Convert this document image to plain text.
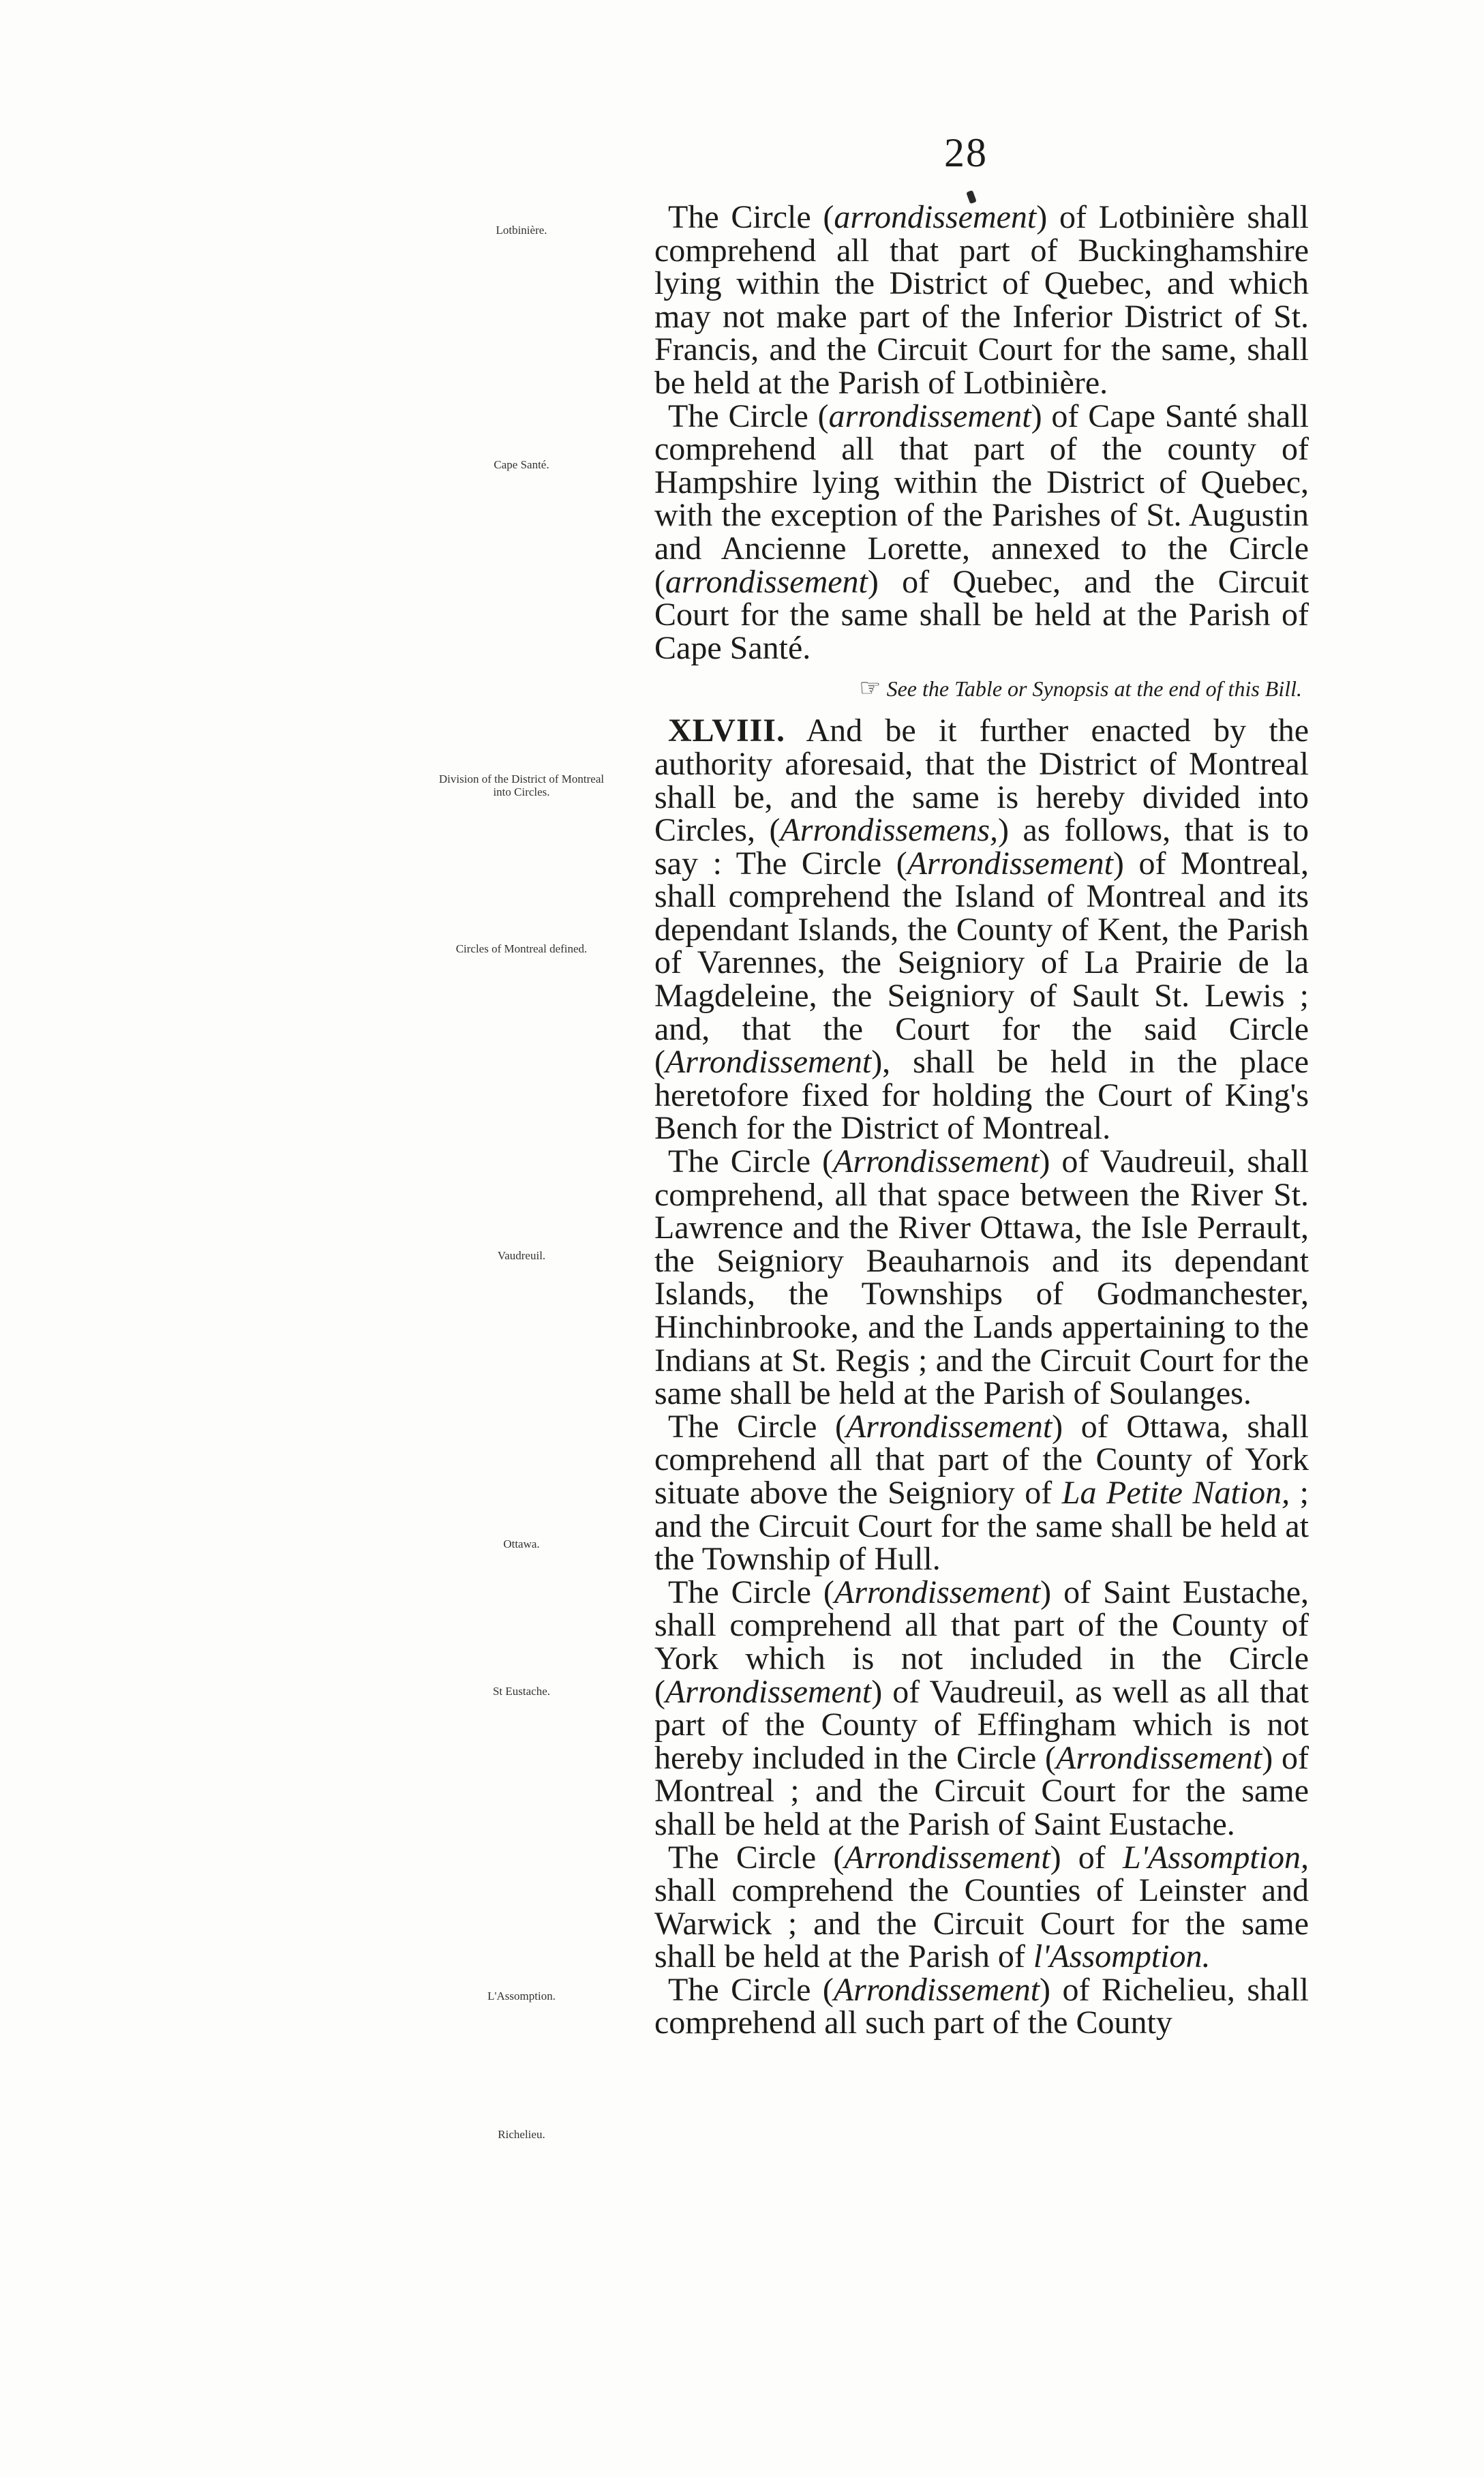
28
Lotbinière.
Cape Santé.
Division of the District of Montreal into Circles.
Circles of Montreal defined.
Vaudreuil.
Ottawa.
St Eustache.
L'Assomption.
Richelieu.

The Circle (arrondissement) of Lotbinière shall comprehend all that part of Buckinghamshire lying within the District of Quebec, and which may not make part of the Inferior District of St. Francis, and the Circuit Court for the same, shall be held at the Parish of Lotbinière.

The Circle (arrondissement) of Cape Santé shall comprehend all that part of the county of Hampshire lying within the District of Quebec, with the exception of the Parishes of St. Augustin and Ancienne Lorette, annexed to the Circle (arrondissement) of Quebec, and the Circuit Court for the same shall be held at the Parish of Cape Santé.

☞ See the Table or Synopsis at the end of this Bill.

XLVIII. And be it further enacted by the authority aforesaid, that the District of Montreal shall be, and the same is hereby divided into Circles, (Arrondissemens,) as follows, that is to say : The Circle (Arrondissement) of Montreal, shall comprehend the Island of Montreal and its dependant Islands, the County of Kent, the Parish of Varennes, the Seigniory of La Prairie de la Magdeleine, the Seigniory of Sault St. Lewis ; and, that the Court for the said Circle (Arrondissement), shall be held in the place heretofore fixed for holding the Court of King's Bench for the District of Montreal.

The Circle (Arrondissement) of Vaudreuil, shall comprehend, all that space between the River St. Lawrence and the River Ottawa, the Isle Perrault, the Seigniory Beauharnois and its dependant Islands, the Townships of Godmanchester, Hinchinbrooke, and the Lands appertaining to the Indians at St. Regis ; and the Circuit Court for the same shall be held at the Parish of Soulanges.

The Circle (Arrondissement) of Ottawa, shall comprehend all that part of the County of York situate above the Seigniory of La Petite Nation, ; and the Circuit Court for the same shall be held at the Township of Hull.

The Circle (Arrondissement) of Saint Eustache, shall comprehend all that part of the County of York which is not included in the Circle (Arrondissement) of Vaudreuil, as well as all that part of the County of Effingham which is not hereby included in the Circle (Arrondissement) of Montreal ; and the Circuit Court for the same shall be held at the Parish of Saint Eustache.

The Circle (Arrondissement) of L'Assomption, shall comprehend the Counties of Leinster and Warwick ; and the Circuit Court for the same shall be held at the Parish of l'Assomption.

The Circle (Arrondissement) of Richelieu, shall comprehend all such part of the County
